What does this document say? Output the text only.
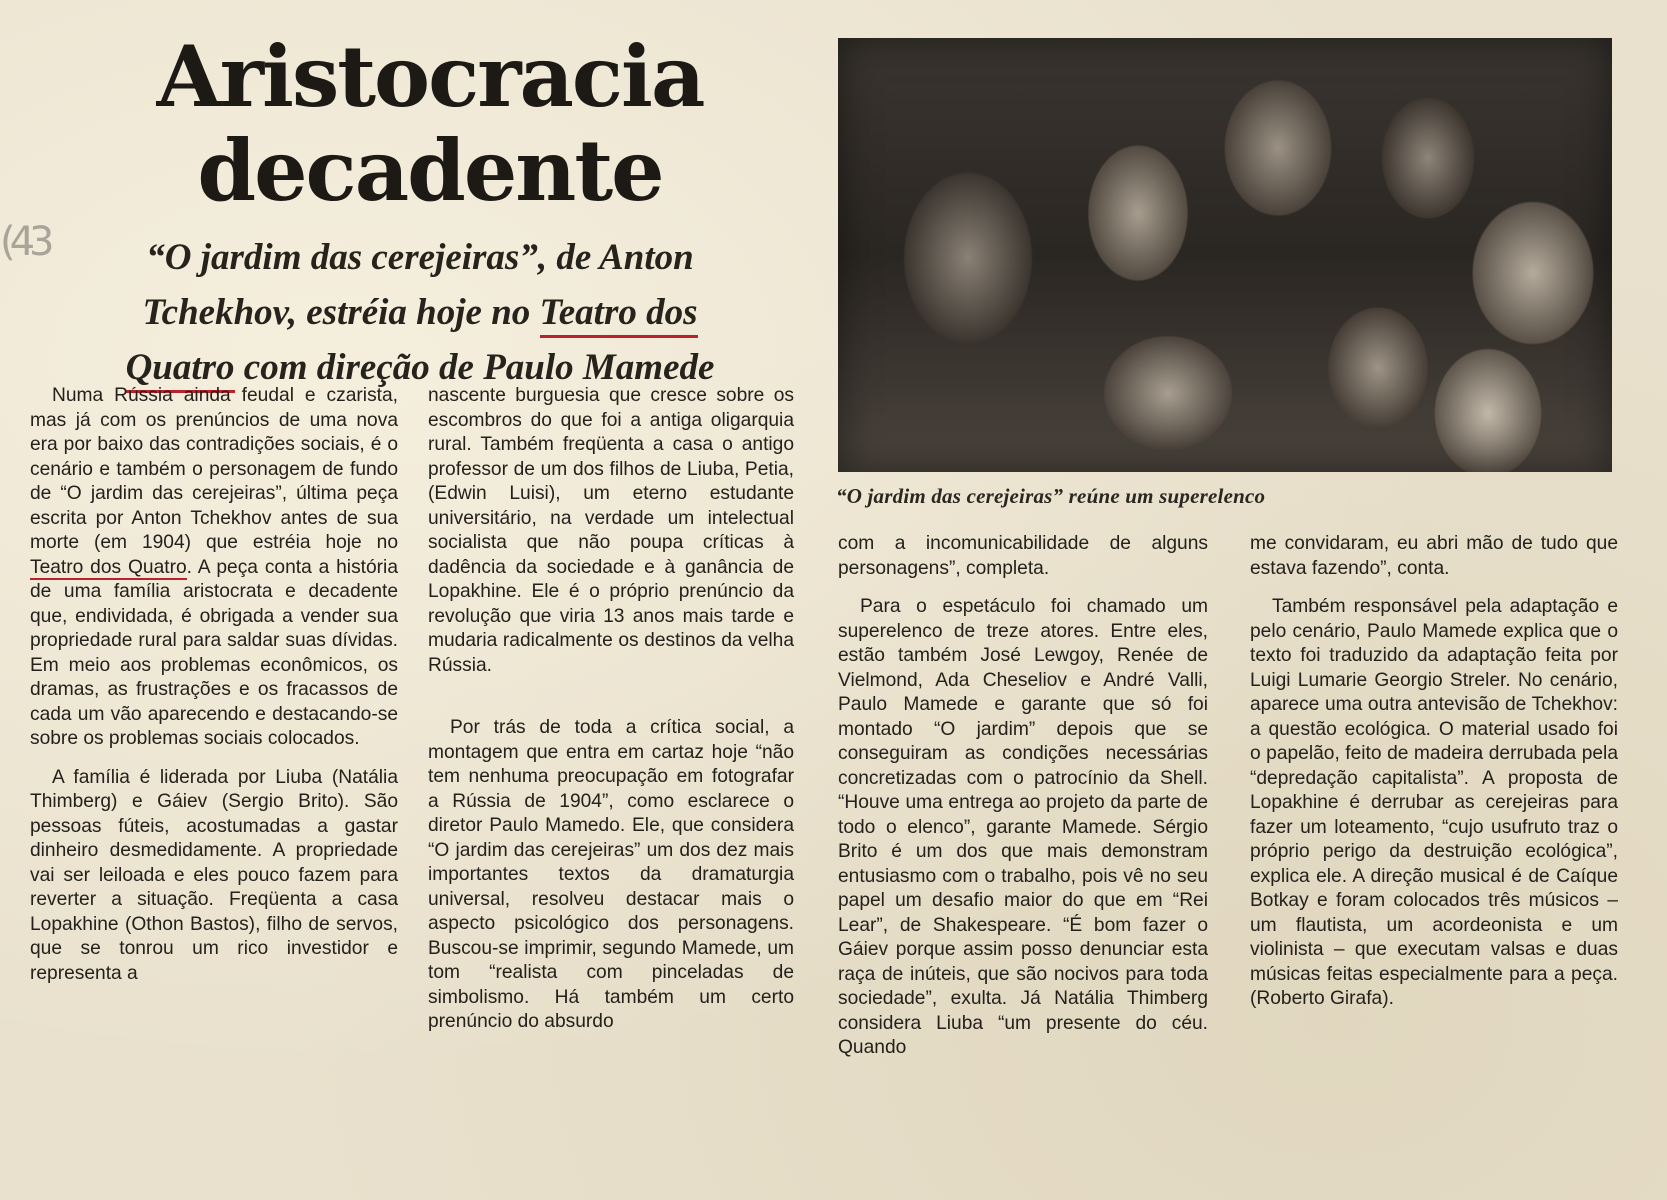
(43
Aristocracia
decadente
“O jardim das cerejeiras”, de Anton
Tchekhov, estréia hoje no Teatro dos
Quatro com direção de Paulo Mamede
“O jardim das cerejeiras” reúne um superelenco

Numa Rússia ainda feudal e czarista, mas já com os prenúncios de uma nova era por baixo das contradições sociais, é o cenário e também o personagem de fundo de “O jardim das cerejeiras”, última peça escrita por Anton Tchekhov antes de sua morte (em 1904) que estréia hoje no Teatro dos Quatro. A peça conta a história de uma família aristocrata e decadente que, endividada, é obrigada a vender sua propriedade rural para saldar suas dívidas. Em meio aos problemas econômicos, os dramas, as frustrações e os fracassos de cada um vão aparecendo e destacando-se sobre os problemas sociais colocados.

A família é liderada por Liuba (Natália Thimberg) e Gáiev (Sergio Brito). São pessoas fúteis, acostumadas a gastar dinheiro desmedidamente. A propriedade vai ser leiloada e eles pouco fazem para reverter a situação. Freqüenta a casa Lopakhine (Othon Bastos), filho de servos, que se tonrou um rico investidor e representa a

nascente burguesia que cresce sobre os escombros do que foi a antiga oligarquia rural. Também freqüenta a casa o antigo professor de um dos filhos de Liuba, Petia, (Edwin Luisi), um eterno estudante universitário, na verdade um intelectual socialista que não poupa críticas à dadência da sociedade e à ganância de Lopakhine. Ele é o próprio prenúncio da revolução que viria 13 anos mais tarde e mudaria radicalmente os destinos da velha Rússia.

Por trás de toda a crítica social, a montagem que entra em cartaz hoje “não tem nenhuma preocupação em fotografar a Rússia de 1904”, como esclarece o diretor Paulo Mamedo. Ele, que considera “O jardim das cerejeiras” um dos dez mais importantes textos da dramaturgia universal, resolveu destacar mais o aspecto psicológico dos personagens. Buscou-se imprimir, segundo Mamede, um tom “realista com pinceladas de simbolismo. Há também um certo prenúncio do absurdo

com a incomunicabilidade de alguns personagens”, completa.

Para o espetáculo foi chamado um superelenco de treze atores. Entre eles, estão também José Lewgoy, Renée de Vielmond, Ada Cheseliov e André Valli, Paulo Mamede e garante que só foi montado “O jardim” depois que se conseguiram as condições necessárias concretizadas com o patrocínio da Shell. “Houve uma entrega ao projeto da parte de todo o elenco”, garante Mamede. Sérgio Brito é um dos que mais demonstram entusiasmo com o trabalho, pois vê no seu papel um desafio maior do que em “Rei Lear”, de Shakespeare. “É bom fazer o Gáiev porque assim posso denunciar esta raça de inúteis, que são nocivos para toda sociedade”, exulta. Já Natália Thimberg considera Liuba “um presente do céu. Quando

me convidaram, eu abri mão de tudo que estava fazendo”, conta.

Também responsável pela adaptação e pelo cenário, Paulo Mamede explica que o texto foi traduzido da adaptação feita por Luigi Lumarie Georgio Streler. No cenário, aparece uma outra antevisão de Tchekhov: a questão ecológica. O material usado foi o papelão, feito de madeira derrubada pela “depredação capitalista”. A proposta de Lopakhine é derrubar as cerejeiras para fazer um loteamento, “cujo usufruto traz o próprio perigo da destruição ecológica”, explica ele. A direção musical é de Caíque Botkay e foram colocados três músicos – um flautista, um acordeonista e um violinista – que executam valsas e duas músicas feitas especialmente para a peça. (Roberto Girafa).
